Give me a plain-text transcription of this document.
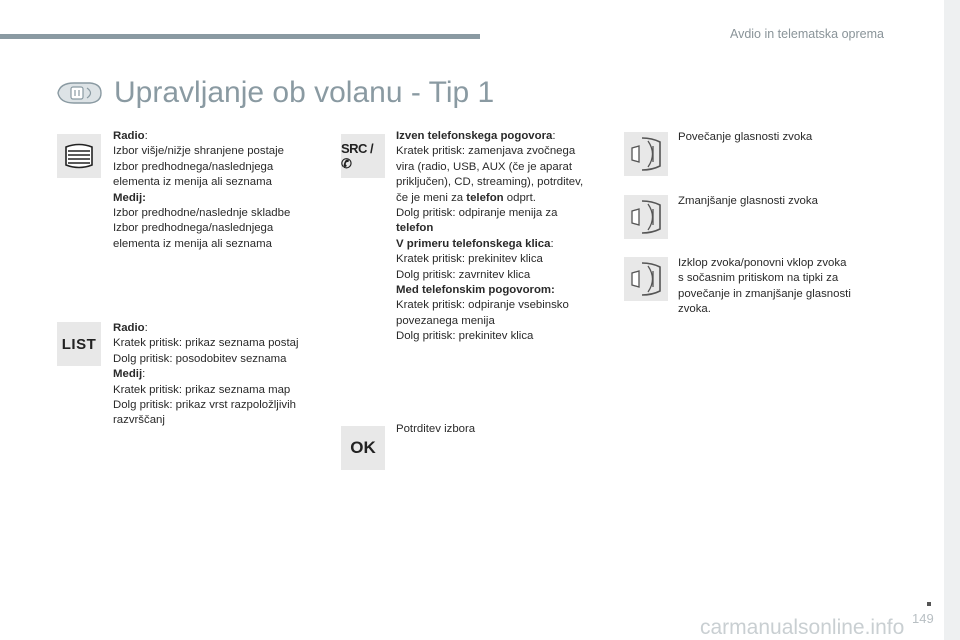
Avdio in telematska oprema
Upravljanje ob volanu - Tip 1

Radio:

Izbor višje/nižje shranjene postaje

Izbor predhodnega/naslednjega

elementa iz menija ali seznama

Medij:

Izbor predhodne/naslednje skladbe

Izbor predhodnega/naslednjega

elementa iz menija ali seznama

LIST

Radio:

Kratek pritisk: prikaz seznama postaj

Dolg pritisk: posodobitev seznama

Medij:

Kratek pritisk: prikaz seznama map

Dolg pritisk: prikaz vrst razpoložljivih

razvrščanj

SRC / ✆

Izven telefonskega pogovora:

Kratek pritisk: zamenjava zvočnega

vira (radio, USB, AUX (če je aparat

priključen), CD, streaming), potrditev,

če je meni za telefon odprt.

Dolg pritisk: odpiranje menija za

telefon

V primeru telefonskega klica:

Kratek pritisk: prekinitev klica

Dolg pritisk: zavrnitev klica

Med telefonskim pogovorom:

Kratek pritisk: odpiranje vsebinsko

povezanega menija

Dolg pritisk: prekinitev klica

OK
Potrditev izbora
Povečanje glasnosti zvoka
Zmanjšanje glasnosti zvoka

Izklop zvoka/ponovni vklop zvoka

s sočasnim pritiskom na tipki za

povečanje in zmanjšanje glasnosti

zvoka.

carmanualsonline.info 149
